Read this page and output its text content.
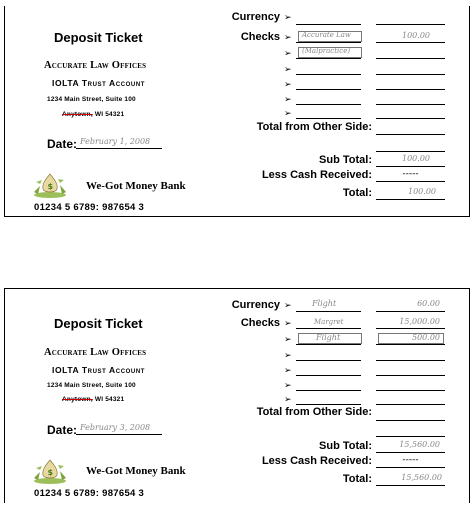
Deposit Ticket
Accurate Law Offices
IOLTA Trust Account
1234 Main Street, Suite 100
Anytown, WI 54321
Date: February 1, 2008
$	We-Got Money Bank
01234 5 6789: 987654 3
Currency ➢
Checks ➢ Accurate Law	100.00
➢ (Malpractice)
➢
➢
➢
➢
Total from Other Side:
Sub Total:	100.00
Less Cash Received:	-----
Total:	100.00
Deposit Ticket
Accurate Law Offices
IOLTA Trust Account
1234 Main Street, Suite 100
Anytown, WI 54321
Date: February 3, 2008
$	We-Got Money Bank
01234 5 6789: 987654 3
Currency ➢	Flight	60.00
Checks ➢	Margret	15,000.00
➢	Flight	500.00
➢
➢
➢
➢
Total from Other Side:
Sub Total:	15,560.00
Less Cash Received:	-----
Total:	15,560.00
